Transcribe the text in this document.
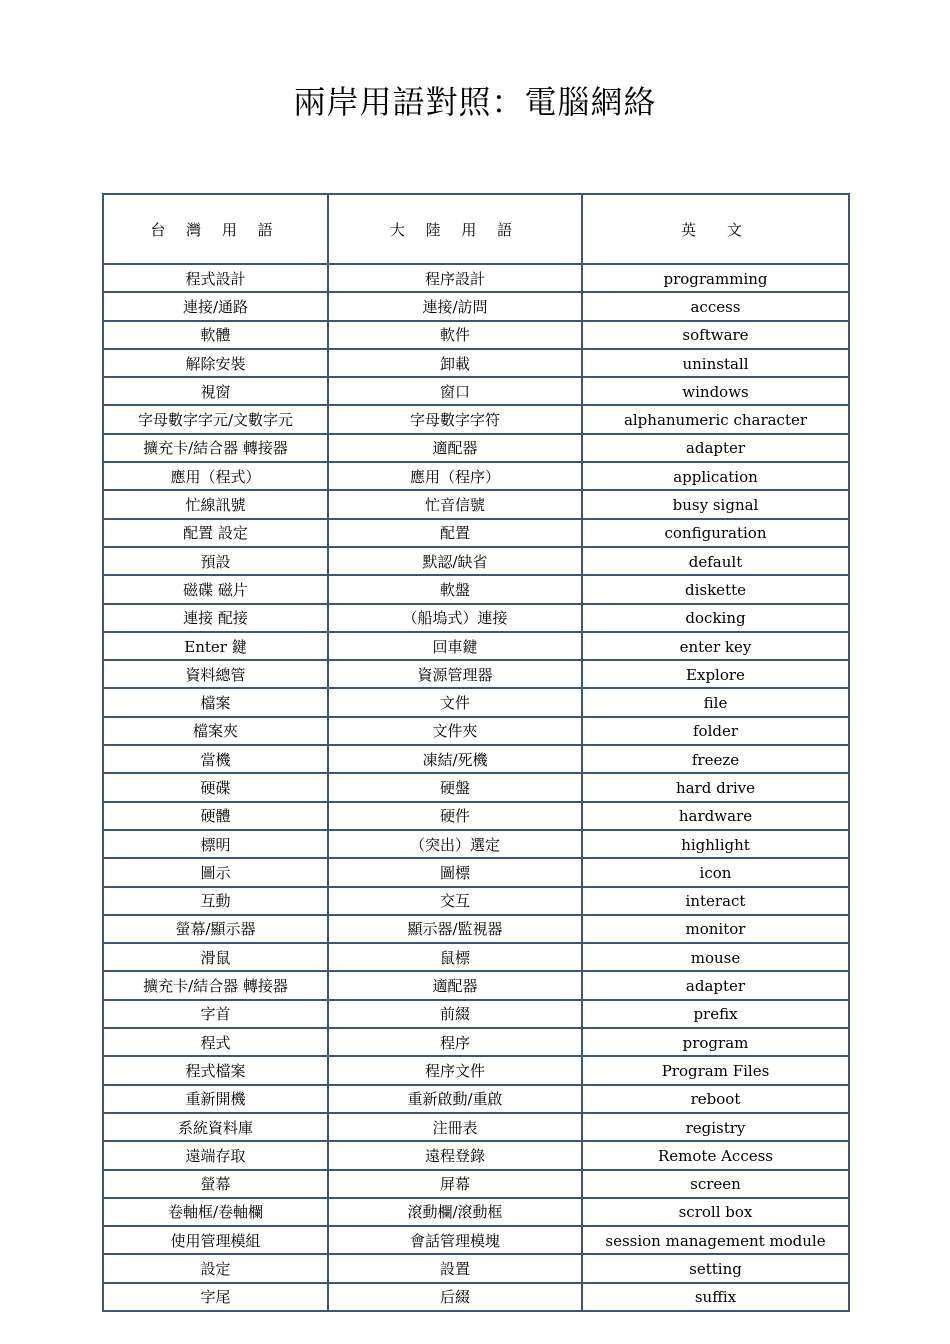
兩岸用語對照：電腦網絡
台 灣 用 語	大 陸 用 語	英　文
程式設計	程序設計	programming
連接/通路	連接/訪問	access
軟體	軟件	software
解除安裝	卸載	uninstall
視窗	窗口	windows
字母數字字元/文數字元	字母數字字符	alphanumeric character
擴充卡/結合器 轉接器	適配器	adapter
應用（程式）	應用（程序）	application
忙線訊號	忙音信號	busy signal
配置 設定	配置	configuration
預設	默認/缺省	default
磁碟 磁片	軟盤	diskette
連接 配接	（船塢式）連接	docking
Enter 鍵	回車鍵	enter key
資料總管	資源管理器	Explore
檔案	文件	file
檔案夾	文件夾	folder
當機	凍結/死機	freeze
硬碟	硬盤	hard drive
硬體	硬件	hardware
標明	（突出）選定	highlight
圖示	圖標	icon
互動	交互	interact
螢幕/顯示器	顯示器/監視器	monitor
滑鼠	鼠標	mouse
擴充卡/結合器 轉接器	適配器	adapter
字首	前綴	prefix
程式	程序	program
程式檔案	程序文件	Program Files
重新開機	重新啟動/重啟	reboot
系統資料庫	注冊表	registry
遠端存取	遠程登錄	Remote Access
螢幕	屏幕	screen
卷軸框/卷軸欄	滾動欄/滾動框	scroll box
使用管理模組	會話管理模塊	session management module
設定	設置	setting
字尾	后綴	suffix
